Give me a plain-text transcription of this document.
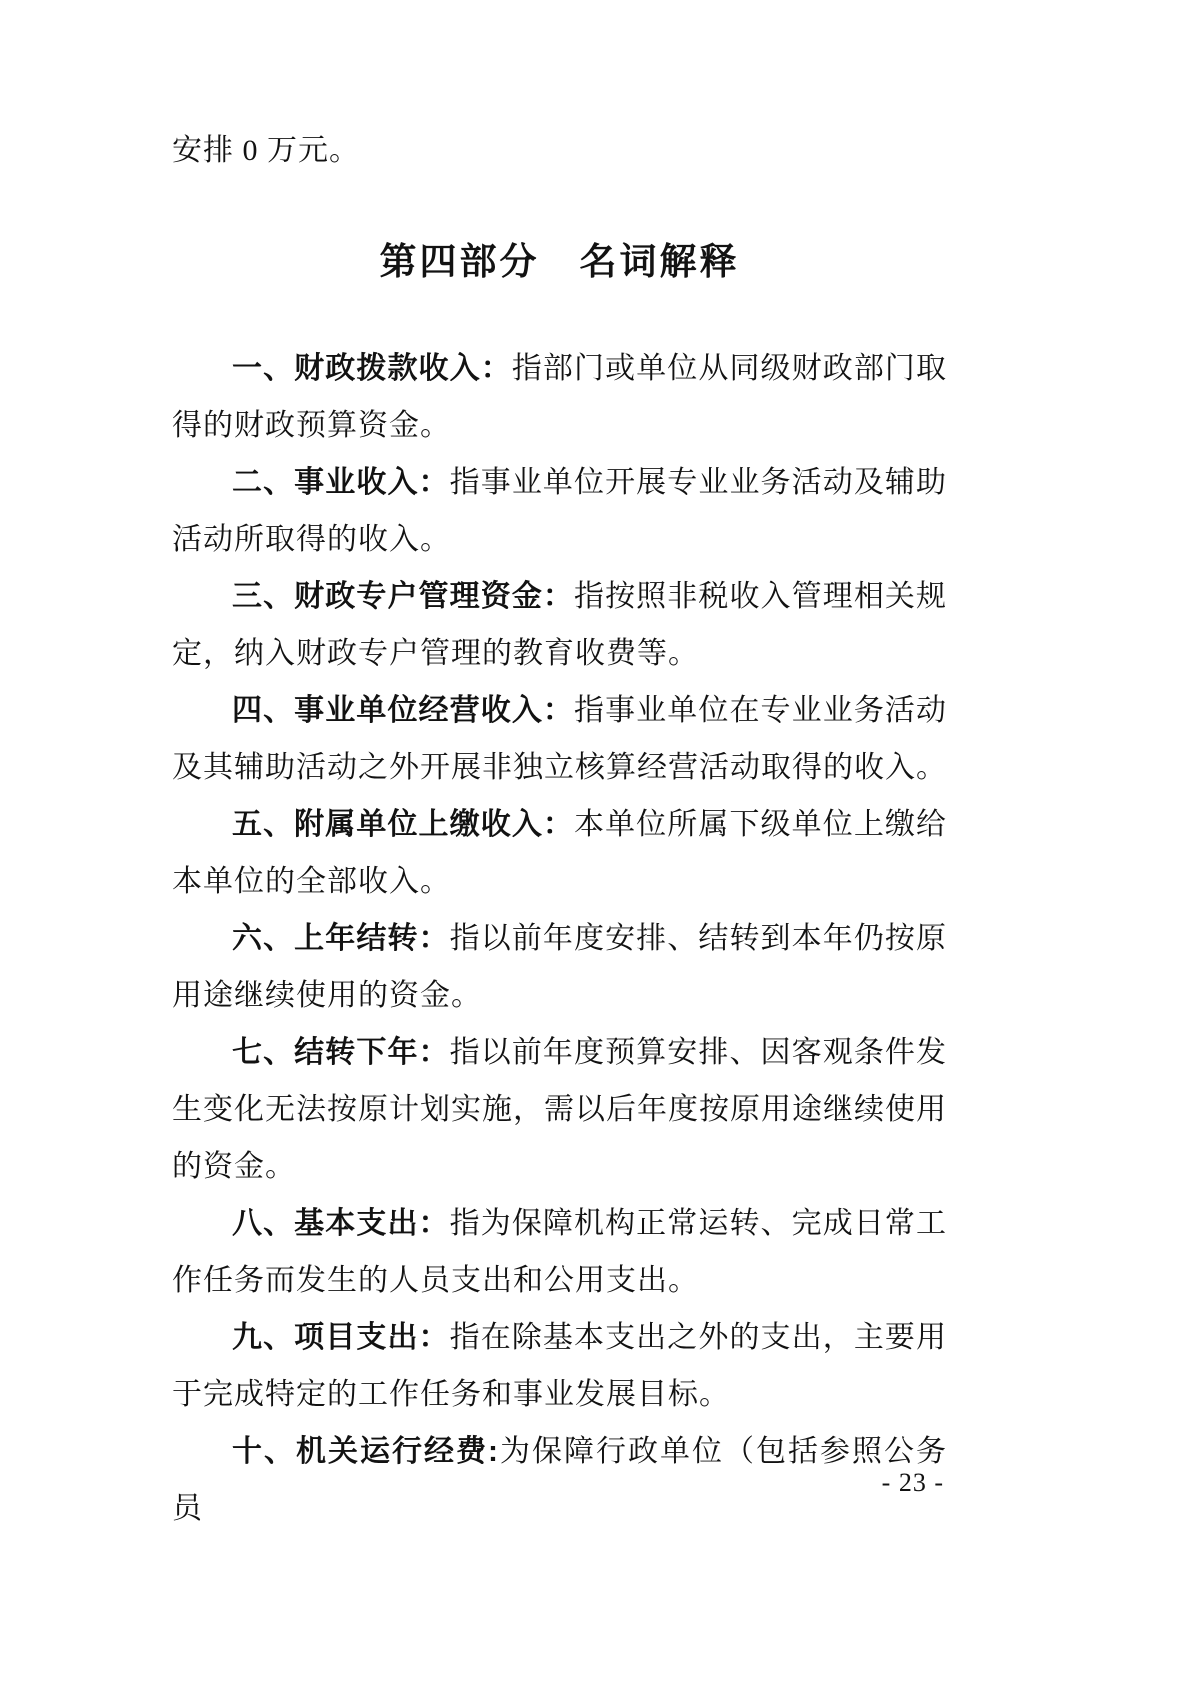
安排 0 万元。

第四部分　名词解释

一、财政拨款收入：指部门或单位从同级财政部门取得的财政预算资金。

二、事业收入：指事业单位开展专业业务活动及辅助活动所取得的收入。

三、财政专户管理资金：指按照非税收入管理相关规定，纳入财政专户管理的教育收费等。

四、事业单位经营收入：指事业单位在专业业务活动及其辅助活动之外开展非独立核算经营活动取得的收入。

五、附属单位上缴收入：本单位所属下级单位上缴给本单位的全部收入。

六、上年结转：指以前年度安排、结转到本年仍按原用途继续使用的资金。

七、结转下年：指以前年度预算安排、因客观条件发生变化无法按原计划实施，需以后年度按原用途继续使用的资金。

八、基本支出：指为保障机构正常运转、完成日常工作任务而发生的人员支出和公用支出。

九、项目支出：指在除基本支出之外的支出，主要用于完成特定的工作任务和事业发展目标。

十、机关运行经费:为保障行政单位（包括参照公务员

- 23 -
